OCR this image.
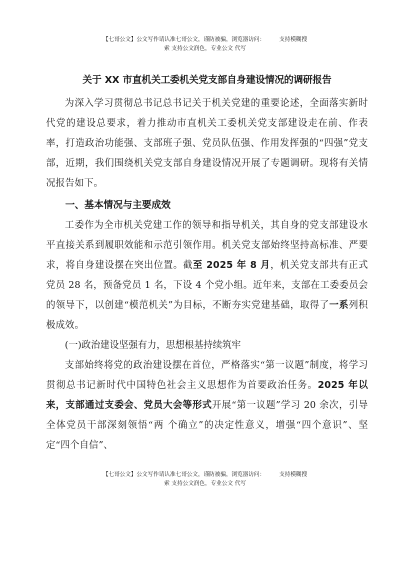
【七哥公文】公文写作请认准七哥公文，谨防被骗，浏览器访问：	支持模糊搜
索 支持公文润色，专业公文 代写
关于 XX 市直机关工委机关党支部自身建设情况的调研报告

为深入学习贯彻总书记总书记关于机关党建的重要论述，全面落实新时代党的建设总要求，着力推动市直机关工委机关党支部建设走在前、作表率，打造政治功能强、支部班子强、党员队伍强、作用发挥强的“四强”党支部，近期，我们围绕机关党支部自身建设情况开展了专题调研。现将有关情况报告如下。

一、基本情况与主要成效

工委作为全市机关党建工作的领导和指导机关，其自身的党支部建设水平直接关系到履职效能和示范引领作用。机关党支部始终坚持高标准、严要求，将自身建设摆在突出位置。截至 2025 年 8 月，机关党支部共有正式党员 28 名，预备党员 1 名，下设 4 个党小组。近年来，支部在工委委员会的领导下，以创建“模范机关”为目标，不断夯实党建基础，取得了一系列积极成效。

(一)政治建设坚强有力，思想根基持续筑牢

支部始终将党的政治建设摆在首位，严格落实“第一议题”制度，将学习贯彻总书记新时代中国特色社会主义思想作为首要政治任务。2025 年以来，支部通过支委会、党员大会等形式开展“第一议题”学习 20 余次，引导全体党员干部深刻领悟“两 个确立”的决定性意义，增强“四个意识”、坚定“四个自信”、

【七哥公文】公文写作请认准七哥公文，谨防被骗，浏览器访问：	支持模糊搜
索 支持公文润色，专业公文 代写
